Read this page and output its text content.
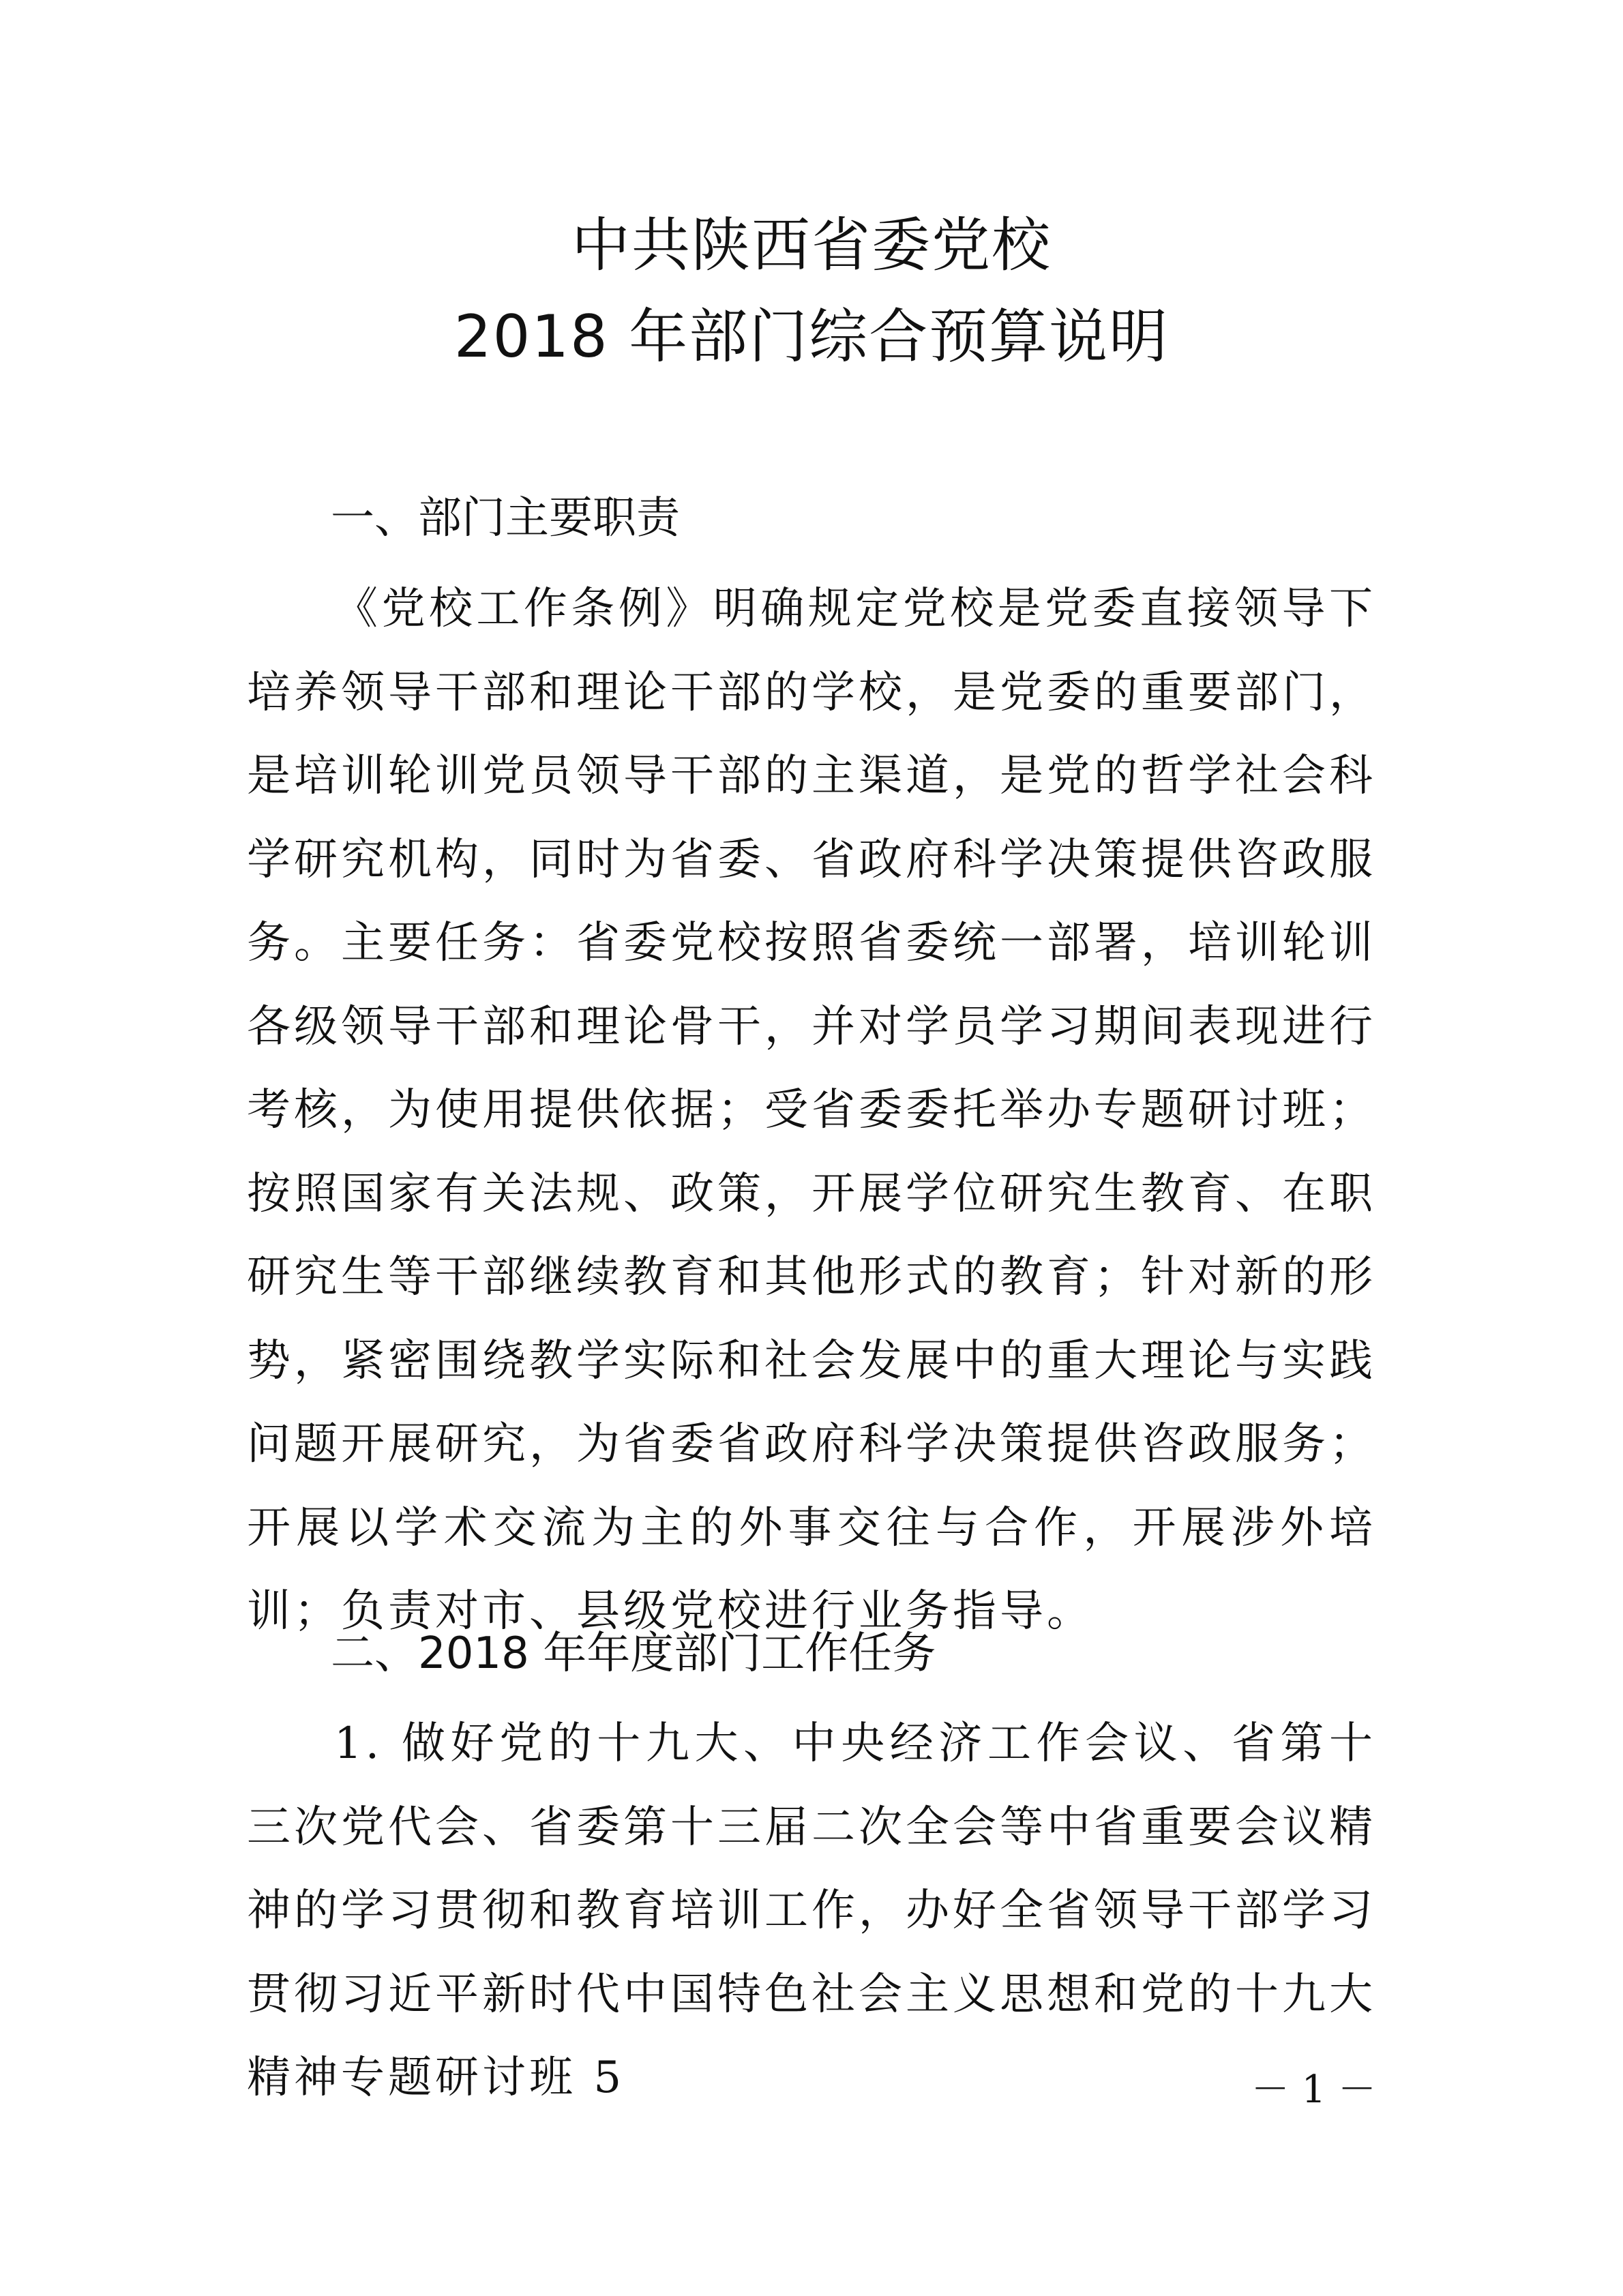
中共陕西省委党校
2018 年部门综合预算说明
一、部门主要职责

《党校工作条例》明确规定党校是党委直接领导下培养领导干部和理论干部的学校，是党委的重要部门，是培训轮训党员领导干部的主渠道，是党的哲学社会科学研究机构，同时为省委、省政府科学决策提供咨政服务。主要任务：省委党校按照省委统一部署，培训轮训各级领导干部和理论骨干，并对学员学习期间表现进行考核，为使用提供依据；受省委委托举办专题研讨班；按照国家有关法规、政策，开展学位研究生教育、在职研究生等干部继续教育和其他形式的教育；针对新的形势，紧密围绕教学实际和社会发展中的重大理论与实践问题开展研究，为省委省政府科学决策提供咨政服务；开展以学术交流为主的外事交往与合作，开展涉外培训；负责对市、县级党校进行业务指导。

二、2018 年年度部门工作任务

1. 做好党的十九大、中央经济工作会议、省第十三次党代会、省委第十三届二次全会等中省重要会议精神的学习贯彻和教育培训工作，办好全省领导干部学习贯彻习近平新时代中国特色社会主义思想和党的十九大精神专题研讨班 5	－ 1 －
